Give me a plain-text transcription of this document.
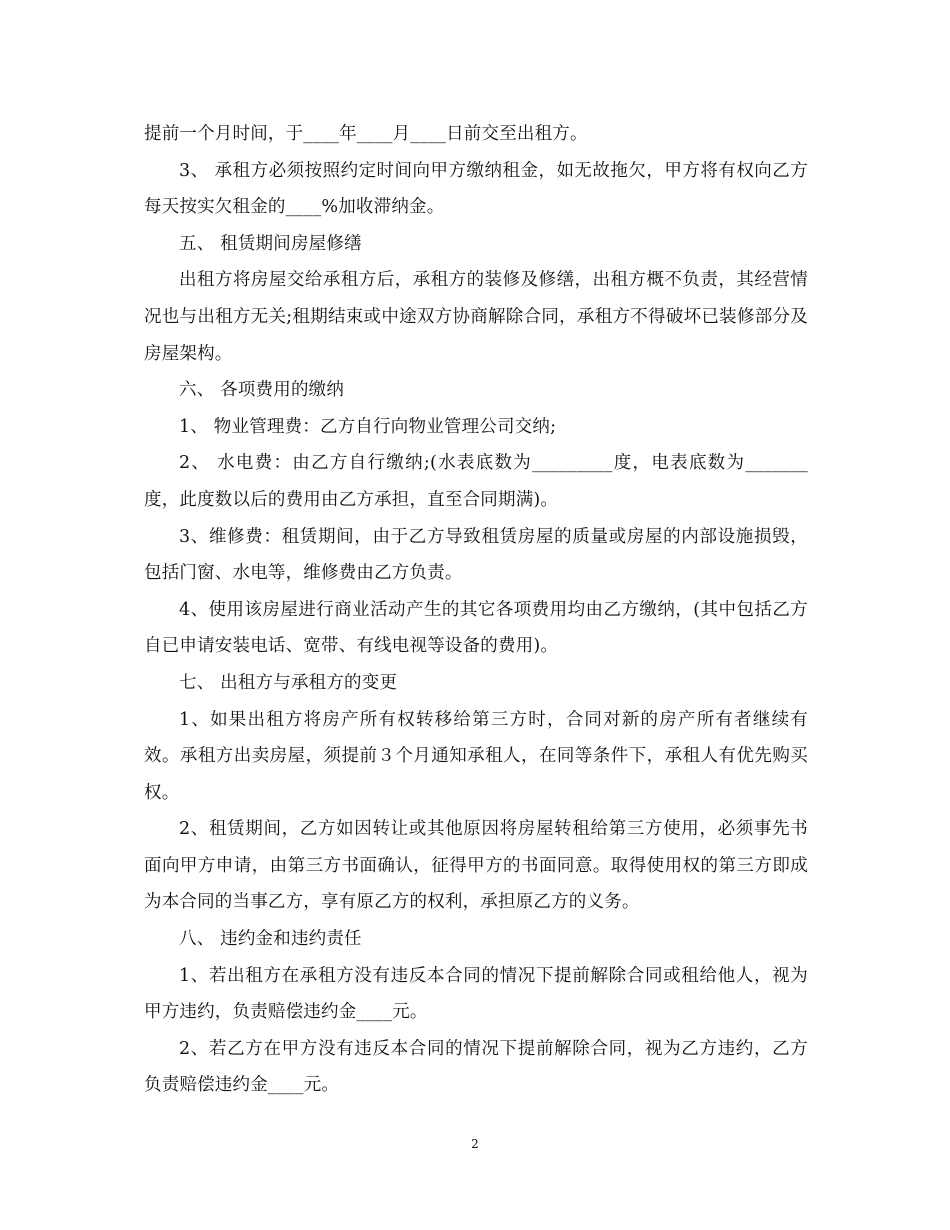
提前一个月时间，于____年____月____日前交至出租方。

3、 承租方必须按照约定时间向甲方缴纳租金，如无故拖欠，甲方将有权向乙方每天按实欠租金的____%加收滞纳金。

五、 租赁期间房屋修缮

出租方将房屋交给承租方后，承租方的装修及修缮，出租方概不负责，其经营情况也与出租方无关;租期结束或中途双方协商解除合同，承租方不得破坏已装修部分及房屋架构。

六、 各项费用的缴纳

1、 物业管理费：乙方自行向物业管理公司交纳;

2、 水电费：由乙方自行缴纳;(水表底数为_________度，电表底数为_______度，此度数以后的费用由乙方承担，直至合同期满)。

3、维修费：租赁期间，由于乙方导致租赁房屋的质量或房屋的内部设施损毁，包括门窗、水电等，维修费由乙方负责。

4、使用该房屋进行商业活动产生的其它各项费用均由乙方缴纳，(其中包括乙方自已申请安装电话、宽带、有线电视等设备的费用)。

七、 出租方与承租方的变更

1、如果出租方将房产所有权转移给第三方时，合同对新的房产所有者继续有效。承租方出卖房屋，须提前３个月通知承租人，在同等条件下，承租人有优先购买权。

2、租赁期间，乙方如因转让或其他原因将房屋转租给第三方使用，必须事先书面向甲方申请，由第三方书面确认，征得甲方的书面同意。取得使用权的第三方即成为本合同的当事乙方，享有原乙方的权利，承担原乙方的义务。

八、 违约金和违约责任

1、若出租方在承租方没有违反本合同的情况下提前解除合同或租给他人，视为甲方违约，负责赔偿违约金____元。

2、若乙方在甲方没有违反本合同的情况下提前解除合同，视为乙方违约，乙方负责赔偿违约金____元。

2
